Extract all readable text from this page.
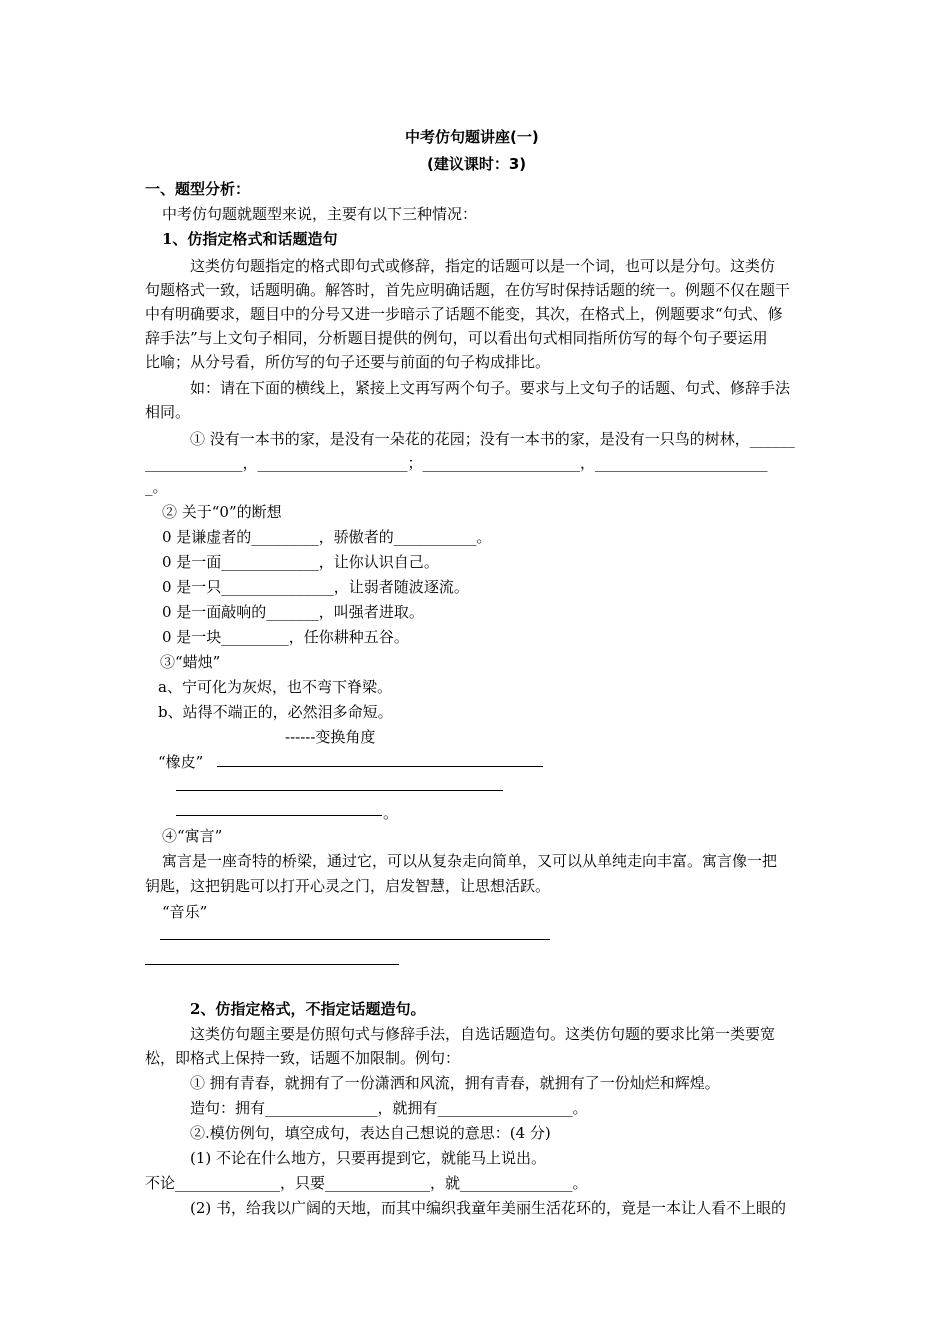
中考仿句题讲座(一)
(建议课时：3)
一、题型分析：
中考仿句题就题型来说，主要有以下三种情况：
1、仿指定格式和话题造句
这类仿句题指定的格式即句式或修辞，指定的话题可以是一个词，也可以是分句。这类仿
句题格式一致，话题明确。解答时，首先应明确话题，在仿写时保持话题的统一。例题不仅在题干
中有明确要求，题目中的分号又进一步暗示了话题不能变，其次，在格式上，例题要求“句式、修
辞手法”与上文句子相同，分析题目提供的例句，可以看出句式相同指所仿写的每个句子要运用
比喻；从分号看，所仿写的句子还要与前面的句子构成排比。
如：请在下面的横线上，紧接上文再写两个句子。要求与上文句子的话题、句式、修辞手法
相同。
① 没有一本书的家，是没有一朵花的花园；没有一本书的家，是没有一只鸟的树林，______
_____________，____________________；_____________________，_______________________
_。
② 关于“0”的断想
0 是谦虚者的_________，骄傲者的___________。
0 是一面_____________，让你认识自己。
0 是一只_______________，让弱者随波逐流。
0 是一面敲响的_______，叫强者进取。
0 是一块_________，任你耕种五谷。
③“蜡烛”
a、宁可化为灰烬，也不弯下脊梁。
b、站得不端正的，必然泪多命短。
------变换角度
“橡皮”
。
④“寓言”
寓言是一座奇特的桥梁，通过它，可以从复杂走向简单，又可以从单纯走向丰富。寓言像一把
钥匙，这把钥匙可以打开心灵之门，启发智慧，让思想活跃。
“音乐”
2、仿指定格式，不指定话题造句。
这类仿句题主要是仿照句式与修辞手法，自选话题造句。这类仿句题的要求比第一类要宽
松，即格式上保持一致，话题不加限制。例句：
① 拥有青春，就拥有了一份潇洒和风流，拥有青春，就拥有了一份灿烂和辉煌。
造句：拥有_______________，就拥有__________________。
②.模仿例句，填空成句，表达自己想说的意思：(4 分)
(1) 不论在什么地方，只要再提到它，就能马上说出。
不论______________，只要______________，就_______________。
(2) 书，给我以广阔的天地，而其中编织我童年美丽生活花环的，竟是一本让人看不上眼的
